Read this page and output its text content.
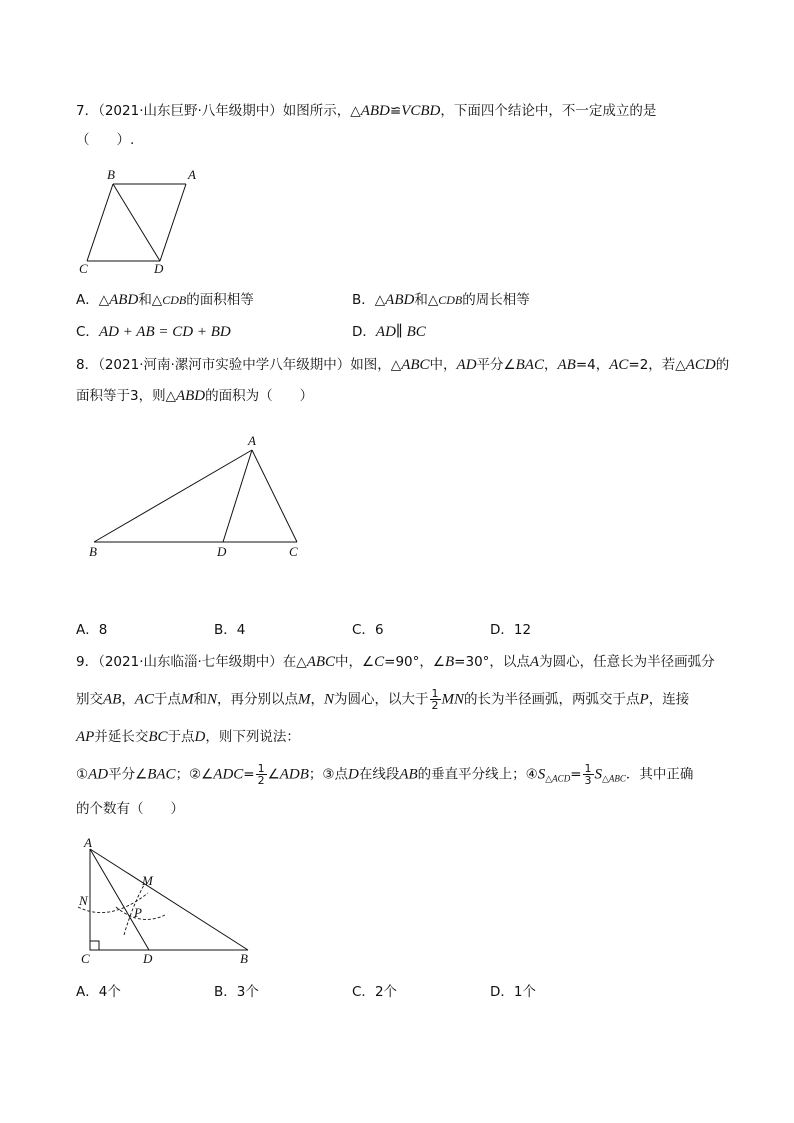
7．（2021·山东巨野·八年级期中）如图所示，△ABD≌VCBD，下面四个结论中，不一定成立的是
（　　）.
B	A
C	D
A．△ABD和△CDB的面积相等	B．△ABD和△CDB的周长相等
C．AD + AB = CD + BD	D．AD∥ BC
8．（2021·河南·漯河市实验中学八年级期中）如图，△ABC中，AD平分∠BAC，AB=4，AC=2，若△ACD的
面积等于3，则△ABD的面积为（　　）
A
B	D	C
A．8	B．4	C．6	D．12
9．（2021·山东临淄·七年级期中）在△ABC中，∠C=90°，∠B=30°，以点A为圆心，任意长为半径画弧分
别交AB，AC于点M和N，再分别以点M，N为圆心，以大于 $\frac{1}{2}$ MN的长为半径画弧，两弧交于点P，连接
AP并延长交BC于点D，则下列说法：
①AD平分∠BAC；②∠ADC= $\frac{1}{2}$ ∠ADB；③点D在线段AB的垂直平分线上；$④S_{\triangle ACD}= \frac{1}{3} S_{\triangle ABC}$．其中正确
的个数有（　　）
A
M
N
P
C	D	B
A．4个	B．3个	C．2个	D．1个
